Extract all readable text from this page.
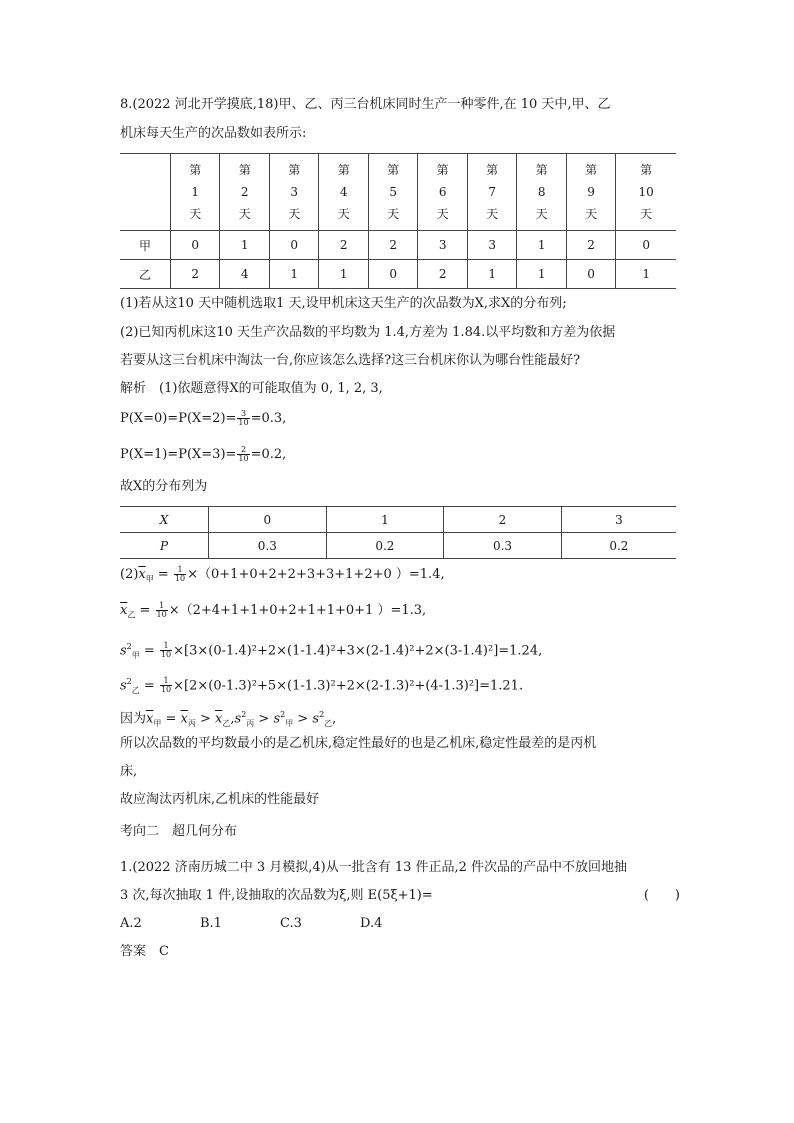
8.(2022 河北开学摸底,18)甲、乙、丙三台机床同时生产一种零件,在 10 天中,甲、乙
机床每天生产的次品数如表所示:
	第
1
天	第
2
天	第
3
天	第
4
天	第
5
天	第
6
天	第
7
天	第
8
天	第
9
天	第
10
天
甲	0	1	0	2	2	3	3	1	2	0
乙	2	4	1	1	0	2	1	1	0	1
(1)若从这10 天中随机选取1 天,设甲机床这天生产的次品数为X,求X的分布列;
(2)已知丙机床这10 天生产次品数的平均数为 1.4,方差为 1.84.以平均数和方差为依据
若要从这三台机床中淘汰一台,你应该怎么选择?这三台机床你认为哪台性能最好?
解析　(1)依题意得X的可能取值为 0, 1, 2, 3,
$P(X=0)=P(X=2)= \frac{3}{10} =0.3$,
$P(X=1)=P(X=3)= \frac{2}{10} =0.2$,
故X的分布列为
X	0	1	2	3
P	0.3	0.2	0.3	0.2
$(2)\overline{x}_甲 = \frac{1}{10} \times(0+1+0+2+2+3+3+1+2+0$ ）=1.4,
$\overline{x}_乙 = \frac{1}{10} \times(2+4+1+1+0+2+1+1+0+1$ ）=1.3,
$s^2_甲 = \frac{1}{10} \times[3\times(0-1.4)^2+2\times(1-1.4)^2+3\times(2-1.4)^2+2\times(3-1.4)^2]=1.24$,
$s^2_乙 = \frac{1}{10} \times[2\times(0-1.3)^2+5\times(1-1.3)^2+2\times(2-1.3)^2+(4-1.3)^2]=1.21$.
因为$\overline{x}_甲 = \overline{x}_丙 > \overline{x}_乙,s^2_丙 > s^2_甲 > s^2_乙$,
所以次品数的平均数最小的是乙机床,稳定性最好的也是乙机床,稳定性最差的是丙机
床,
故应淘汰丙机床,乙机床的性能最好
考向二　超几何分布
1.(2022 济南历城二中 3 月模拟,4)从一批含有 13 件正品,2 件次品的产品中不放回地抽
3 次,每次抽取 1 件,设抽取的次品数为ξ,则 E(5ξ+1)=	(　　)
A.2	B.1	C.3	D.4
答案　C
